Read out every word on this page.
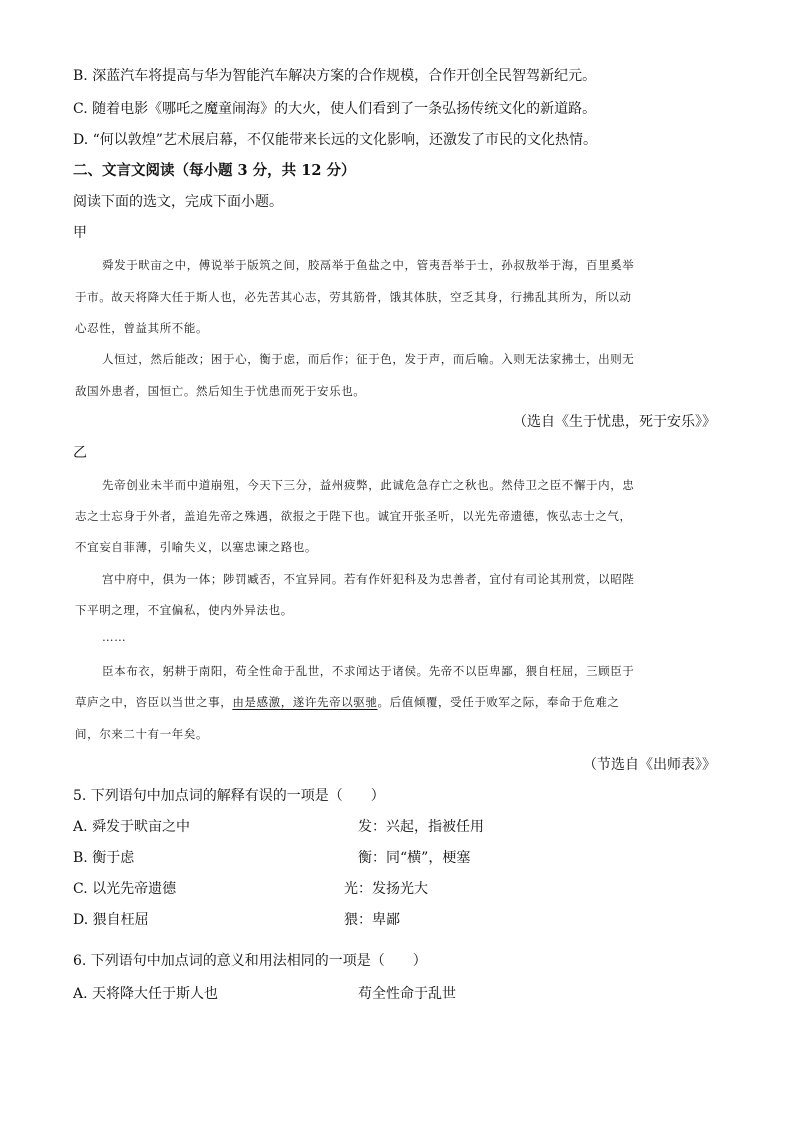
B. 深蓝汽车将提高与华为智能汽车解决方案的合作规模，合作开创全民智驾新纪元。
C. 随着电影《哪吒之魔童闹海》的大火，使人们看到了一条弘扬传统文化的新道路。
D. “何以敦煌”艺术展启幕，不仅能带来长远的文化影响，还激发了市民的文化热情。
二、文言文阅读（每小题 3 分，共 12 分）
阅读下面的选文，完成下面小题。
甲
舜发于畎亩之中，傅说举于版筑之间，胶鬲举于鱼盐之中，管夷吾举于士，孙叔敖举于海，百里奚举
于市。故天将降大任于斯人也，必先苦其心志，劳其筋骨，饿其体肤，空乏其身，行拂乱其所为，所以动
心忍性，曾益其所不能。
人恒过，然后能改；困于心，衡于虑，而后作；征于色，发于声，而后喻。入则无法家拂士，出则无
敌国外患者，国恒亡。然后知生于忧患而死于安乐也。
（选自《生于忧患，死于安乐》》
乙
先帝创业未半而中道崩殂，今天下三分，益州疲弊，此诚危急存亡之秋也。然侍卫之臣不懈于内，忠
志之士忘身于外者，盖追先帝之殊遇，欲报之于陛下也。诚宜开张圣听，以光先帝遗德，恢弘志士之气，
不宜妄自菲薄，引喻失义，以塞忠谏之路也。
宫中府中，俱为一体；陟罚臧否，不宜异同。若有作奸犯科及为忠善者，宜付有司论其刑赏，以昭陛
下平明之理，不宜偏私，使内外异法也。
……
臣本布衣，躬耕于南阳，苟全性命于乱世，不求闻达于诸侯。先帝不以臣卑鄙，猥自枉屈，三顾臣于
草庐之中，咨臣以当世之事，由是感激，遂许先帝以驱驰。后值倾覆，受任于败军之际，奉命于危难之
间，尔来二十有一年矣。
（节选自《出师表》》
5. 下列语句中加点词的解释有误的一项是（　　）
A. 舜发于畎亩之中	发：兴起，指被任用
B. 衡于虑	衡：同“横”，梗塞
C. 以光先帝遗德	光：发扬光大
D. 猥自枉屈	猥：卑鄙
6. 下列语句中加点词的意义和用法相同的一项是（　　）
A. 天将降大任于斯人也	苟全性命于乱世
